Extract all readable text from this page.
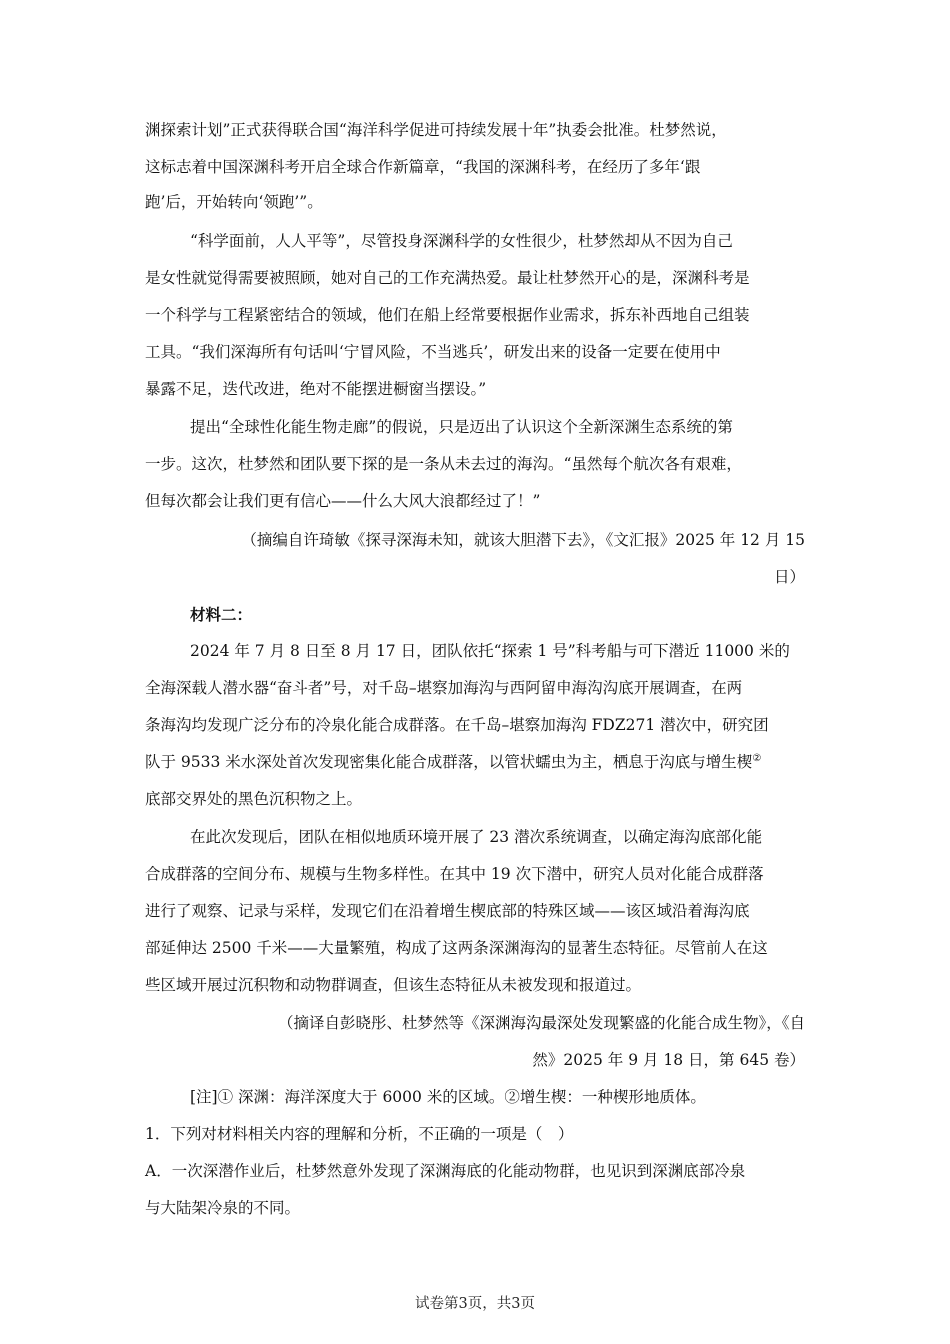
渊探索计划”正式获得联合国“海洋科学促进可持续发展十年”执委会批准。杜梦然说，
这标志着中国深渊科考开启全球合作新篇章，“我国的深渊科考，在经历了多年‘跟
跑’后，开始转向‘领跑’”。
“科学面前，人人平等”，尽管投身深渊科学的女性很少，杜梦然却从不因为自己
是女性就觉得需要被照顾，她对自己的工作充满热爱。最让杜梦然开心的是，深渊科考是
一个科学与工程紧密结合的领域，他们在船上经常要根据作业需求，拆东补西地自己组装
工具。“我们深海所有句话叫‘宁冒风险，不当逃兵’，研发出来的设备一定要在使用中
暴露不足，迭代改进，绝对不能摆进橱窗当摆设。”
提出“全球性化能生物走廊”的假说，只是迈出了认识这个全新深渊生态系统的第
一步。这次，杜梦然和团队要下探的是一条从未去过的海沟。“虽然每个航次各有艰难，
但每次都会让我们更有信心——什么大风大浪都经过了！”
（摘编自许琦敏《探寻深海未知，就该大胆潜下去》，《文汇报》2025 年 12 月 15
日）
材料二：
2024 年 7 月 8 日至 8 月 17 日，团队依托“探索 1 号”科考船与可下潜近 11000 米的
全海深载人潜水器“奋斗者”号，对千岛–堪察加海沟与西阿留申海沟沟底开展调查，在两
条海沟均发现广泛分布的冷泉化能合成群落。在千岛–堪察加海沟 FDZ271 潜次中，研究团
队于 9533 米水深处首次发现密集化能合成群落，以管状蠕虫为主，栖息于沟底与增生楔②
底部交界处的黑色沉积物之上。
在此次发现后，团队在相似地质环境开展了 23 潜次系统调查，以确定海沟底部化能
合成群落的空间分布、规模与生物多样性。在其中 19 次下潜中，研究人员对化能合成群落
进行了观察、记录与采样，发现它们在沿着增生楔底部的特殊区域——该区域沿着海沟底
部延伸达 2500 千米——大量繁殖，构成了这两条深渊海沟的显著生态特征。尽管前人在这
些区域开展过沉积物和动物群调查，但该生态特征从未被发现和报道过。
（摘译自彭晓彤、杜梦然等《深渊海沟最深处发现繁盛的化能合成生物》，《自
然》2025 年 9 月 18 日，第 645 卷）
[注]① 深渊：海洋深度大于 6000 米的区域。②增生楔：一种楔形地质体。
1．下列对材料相关内容的理解和分析，不正确的一项是（　）
A．一次深潜作业后，杜梦然意外发现了深渊海底的化能动物群，也见识到深渊底部冷泉
与大陆架冷泉的不同。
试卷第3页，共3页
